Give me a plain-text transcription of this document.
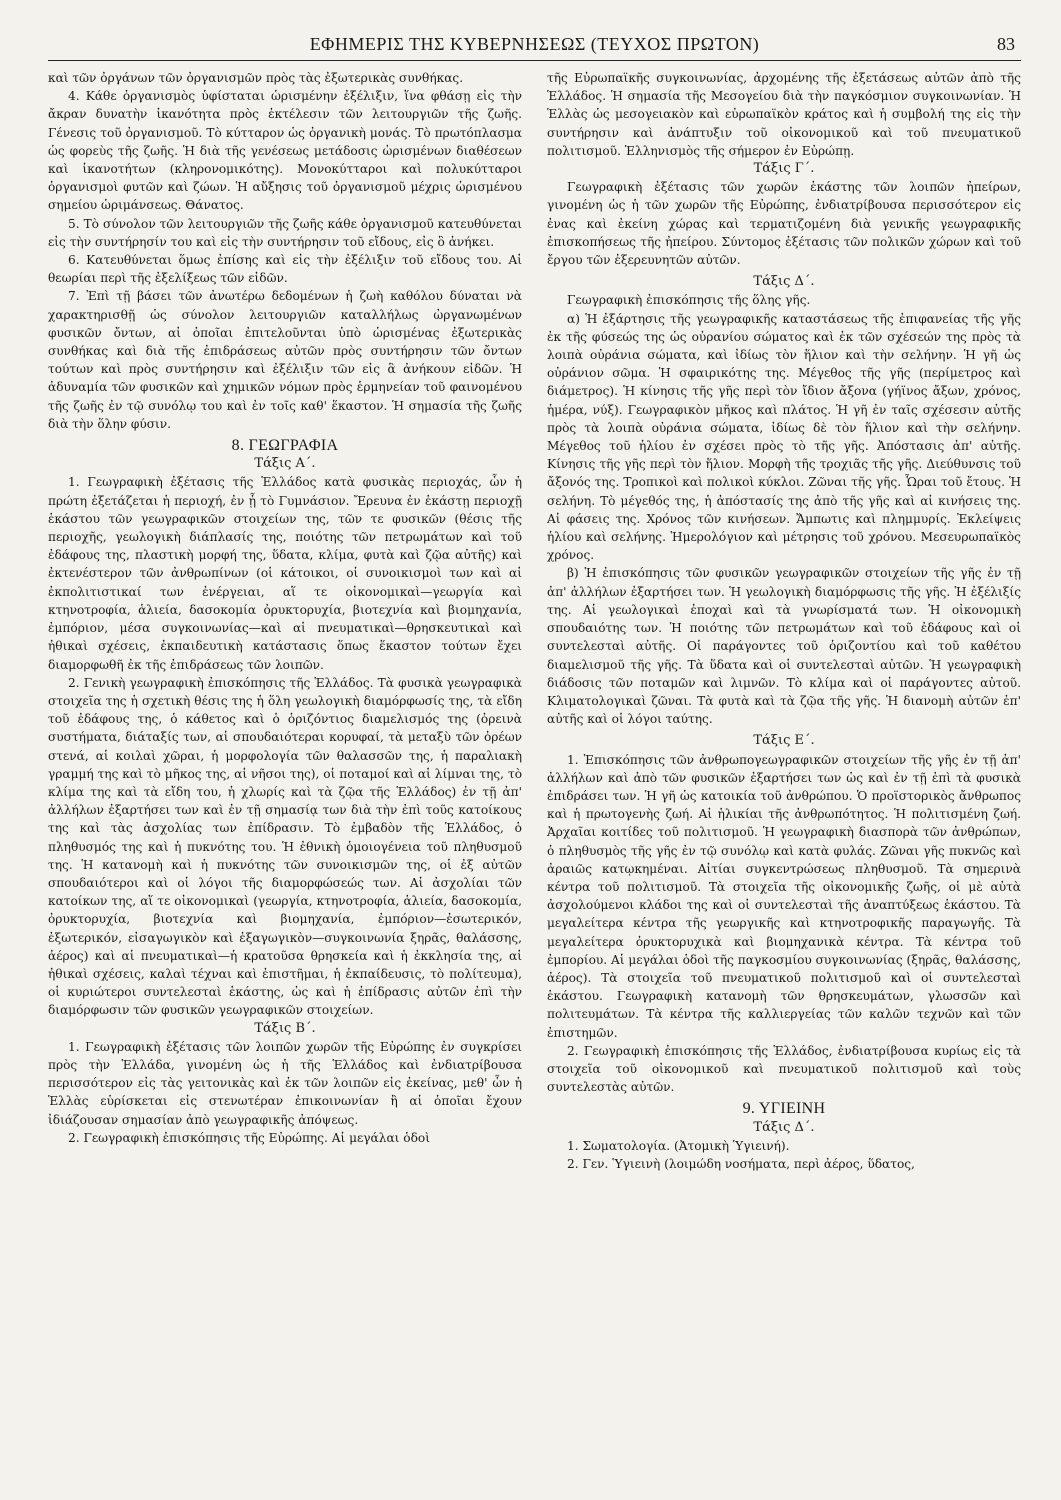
ΕΦΗΜΕΡΙΣ ΤΗΣ ΚΥΒΕΡΝΗΣΕΩΣ (ΤΕΥΧΟΣ ΠΡΩΤΟΝ)	83

καὶ τῶν ὀργάνων τῶν ὀργανισμῶν πρὸς τὰς ἐξωτερικὰς συνθήκας.

4. Κάθε ὀργανισμὸς ὑφίσταται ὡρισμένην ἐξέλιξιν, ἵνα φθάσῃ εἰς τὴν ἄκραν δυνατὴν ἱκανότητα πρὸς ἐκτέλεσιν τῶν λειτουργιῶν τῆς ζωῆς. Γένεσις τοῦ ὀργανισμοῦ. Τὸ κύτταρον ὡς ὀργανικὴ μονάς. Τὸ πρωτόπλασμα ὡς φορεὺς τῆς ζωῆς. Ἡ διὰ τῆς γενέσεως μετάδοσις ὡρισμένων διαθέσεων καὶ ἱκανοτήτων (κληρονομικότης). Μονοκύτταροι καὶ πολυκύτταροι ὀργανισμοὶ φυτῶν καὶ ζώων. Ἡ αὔξησις τοῦ ὀργανισμοῦ μέχρις ὡρισμένου σημείου ὡριμάνσεως. Θάνατος.

5. Τὸ σύνολον τῶν λειτουργιῶν τῆς ζωῆς κάθε ὀργανισμοῦ κατευθύνεται εἰς τὴν συντήρησίν του καὶ εἰς τὴν συντήρησιν τοῦ εἴδους, εἰς ὃ ἀνήκει.

6. Κατευθύνεται ὅμως ἐπίσης καὶ εἰς τὴν ἐξέλιξιν τοῦ εἴδους του. Αἱ θεωρίαι περὶ τῆς ἐξελίξεως τῶν εἰδῶν.

7. Ἐπὶ τῇ βάσει τῶν ἀνωτέρω δεδομένων ἡ ζωὴ καθόλου δύναται νὰ χαρακτηρισθῇ ὡς σύνολον λειτουργιῶν καταλλήλως ὠργανωμένων φυσικῶν ὄντων, αἱ ὁποῖαι ἐπιτελοῦνται ὑπὸ ὡρισμένας ἐξωτερικὰς συνθήκας καὶ διὰ τῆς ἐπιδράσεως αὐτῶν πρὸς συντήρησιν τῶν ὄντων τούτων καὶ πρὸς συντήρησιν καὶ ἐξέλιξιν τῶν εἰς ἃ ἀνήκουν εἰδῶν. Ἡ ἀδυναμία τῶν φυσικῶν καὶ χημικῶν νόμων πρὸς ἑρμηνείαν τοῦ φαινομένου τῆς ζωῆς ἐν τῷ συνόλῳ του καὶ ἐν τοῖς καθ' ἕκαστον. Ἡ σημασία τῆς ζωῆς διὰ τὴν ὅλην φύσιν.

8. ΓΕΩΓΡΑΦΙΑ
Τάξις Α΄.

1. Γεωγραφικὴ ἐξέτασις τῆς Ἑλλάδος κατὰ φυσικὰς περιοχάς, ὧν ἡ πρώτη ἐξετάζεται ἡ περιοχή, ἐν ᾗ τὸ Γυμνάσιον. Ἔρευνα ἐν ἑκάστῃ περιοχῇ ἑκάστου τῶν γεωγραφικῶν στοιχείων της, τῶν τε φυσικῶν (θέσις τῆς περιοχῆς, γεωλογικὴ διάπλασίς της, ποιότης τῶν πετρωμάτων καὶ τοῦ ἐδάφους της, πλαστικὴ μορφή της, ὕδατα, κλίμα, φυτὰ καὶ ζῷα αὐτῆς) καὶ ἐκτενέστερον τῶν ἀνθρωπίνων (οἱ κάτοικοι, οἱ συνοικισμοὶ των καὶ αἱ ἐκπολιτιστικαί των ἐνέργειαι, αἵ τε οἰκονομικαὶ—γεωργία καὶ κτηνοτροφία, ἁλιεία, δασοκομία ὀρυκτορυχία, βιοτεχνία καὶ βιομηχανία, ἐμπόριον, μέσα συγκοινωνίας—καὶ αἱ πνευματικαὶ—θρησκευτικαὶ καὶ ἠθικαὶ σχέσεις, ἐκπαιδευτικὴ κατάστασις ὅπως ἕκαστον τούτων ἔχει διαμορφωθῆ ἐκ τῆς ἐπιδράσεως τῶν λοιπῶν.

2. Γενικὴ γεωγραφικὴ ἐπισκόπησις τῆς Ἑλλάδος. Τὰ φυσικὰ γεωγραφικὰ στοιχεῖα της ἡ σχετικὴ θέσις της ἡ ὅλη γεωλογικὴ διαμόρφωσίς της, τὰ εἴδη τοῦ ἐδάφους της, ὁ κάθετος καὶ ὁ ὁριζόντιος διαμελισμός της (ὀρεινὰ συστήματα, διάταξίς των, αἱ σπουδαιότεραι κορυφαί, τὰ μεταξὺ τῶν ὀρέων στενά, αἱ κοιλαὶ χῶραι, ἡ μορφολογία τῶν θαλασσῶν της, ἡ παραλιακὴ γραμμή της καὶ τὸ μῆκος της, αἱ νῆσοι της), οἱ ποταμοί καὶ αἱ λίμναι της, τὸ κλίμα της καὶ τὰ εἴδη του, ἡ χλωρίς καὶ τὰ ζῷα τῆς Ἑλλάδος) ἐν τῇ ἀπ' ἀλλήλων ἐξαρτήσει των καὶ ἐν τῇ σημασίᾳ των διὰ τὴν ἐπὶ τοῦς κατοίκους της καὶ τὰς ἀσχολίας των ἐπίδρασιν. Τὸ ἐμβαδὸν τῆς Ἑλλάδος, ὁ πληθυσμός της καὶ ἡ πυκνότης του. Ἡ ἐθνικὴ ὁμοιογένεια τοῦ πληθυσμοῦ της. Ἡ κατανομὴ καὶ ἡ πυκνότης τῶν συνοικισμῶν της, οἱ ἐξ αὐτῶν σπουδαιότεροι καὶ οἱ λόγοι τῆς διαμορφώσεώς των. Αἱ ἀσχολίαι τῶν κατοίκων της, αἵ τε οἰκονομικαὶ (γεωργία, κτηνοτροφία, ἁλιεία, δασοκομία, ὀρυκτορυχία, βιοτεχνία καὶ βιομηχανία, ἐμπόριον—ἐσωτερικόν, ἐξωτερικόν, εἰσαγωγικὸν καὶ ἐξαγωγικὸν—συγκοινωνία ξηρᾶς, θαλάσσης, ἀέρος) καὶ αἱ πνευματικαὶ—ἡ κρατοῦσα θρησκεία καὶ ἡ ἐκκλησία της, αἱ ἠθικαὶ σχέσεις, καλαὶ τέχναι καὶ ἐπιστῆμαι, ἡ ἐκπαίδευσις, τὸ πολίτευμα), οἱ κυριώτεροι συντελεσταὶ ἑκάστης, ὡς καὶ ἡ ἐπίδρασις αὐτῶν ἐπὶ τὴν διαμόρφωσιν τῶν φυσικῶν γεωγραφικῶν στοιχείων.

Τάξις Β΄.

1. Γεωγραφικὴ ἐξέτασις τῶν λοιπῶν χωρῶν τῆς Εὐρώπης ἐν συγκρίσει πρὸς τὴν Ἑλλάδα, γινομένη ὡς ἡ τῆς Ἑλλάδος καὶ ἐνδιατρίβουσα περισσότερον εἰς τὰς γειτονικὰς καὶ ἐκ τῶν λοιπῶν εἰς ἐκείνας, μεθ' ὧν ἡ Ἑλλὰς εὑρίσκεται εἰς στενωτέραν ἐπικοινωνίαν ἢ αἱ ὁποῖαι ἔχουν ἰδιάζουσαν σημασίαν ἀπὸ γεωγραφικῆς ἀπόψεως.

2. Γεωγραφικὴ ἐπισκόπησις τῆς Εὐρώπης. Αἱ μεγάλαι ὁδοὶ

τῆς Εὐρωπαϊκῆς συγκοινωνίας, ἀρχομένης τῆς ἐξετάσεως αὐτῶν ἀπὸ τῆς Ἑλλάδος. Ἡ σημασία τῆς Μεσογείου διὰ τὴν παγκόσμιον συγκοινωνίαν. Ἡ Ἑλλὰς ὡς μεσογειακὸν καὶ εὐρωπαϊκὸν κράτος καὶ ἡ συμβολή της εἰς τὴν συντήρησιν καὶ ἀνάπτυξιν τοῦ οἰκονομικοῦ καὶ τοῦ πνευματικοῦ πολιτισμοῦ. Ἑλληνισμὸς τῆς σήμερον ἐν Εὐρώπῃ.

Τάξις Γ΄.

Γεωγραφικὴ ἐξέτασις τῶν χωρῶν ἑκάστης τῶν λοιπῶν ἠπείρων, γινομένη ὡς ἡ τῶν χωρῶν τῆς Εὐρώπης, ἐνδιατρίβουσα περισσότερον εἰς ἐνας καὶ ἐκείνη χώρας καὶ τερματιζομένη διὰ γενικῆς γεωγραφικῆς ἐπισκοπήσεως τῆς ἠπείρου. Σύντομος ἐξέτασις τῶν πολικῶν χώρων καὶ τοῦ ἔργου τῶν ἐξερευνητῶν αὐτῶν.

Τάξις Δ΄.

Γεωγραφικὴ ἐπισκόπησις τῆς ὅλης γῆς.

α) Ἡ ἐξάρτησις τῆς γεωγραφικῆς καταστάσεως τῆς ἐπιφανείας τῆς γῆς ἐκ τῆς φύσεώς της ὡς οὐρανίου σώματος καὶ ἐκ τῶν σχέσεών της πρὸς τὰ λοιπὰ οὐράνια σώματα, καὶ ἰδίως τὸν ἥλιον καὶ τὴν σελήνην. Ἡ γῆ ὡς οὐράνιον σῶμα. Ἡ σφαιρικότης της. Μέγεθος τῆς γῆς (περίμετρος καὶ διάμετρος). Ἡ κίνησις τῆς γῆς περὶ τὸν ἴδιον ἄξονα (γήϊνος ἄξων, χρόνος, ἡμέρα, νύξ). Γεωγραφικὸν μῆκος καὶ πλάτος. Ἡ γῆ ἐν ταῖς σχέσεσιν αὐτῆς πρὸς τὰ λοιπὰ οὐράνια σώματα, ἰδίως δὲ τὸν ἥλιον καὶ τὴν σελήνην. Μέγεθος τοῦ ἡλίου ἐν σχέσει πρὸς τὸ τῆς γῆς. Ἀπόστασις ἀπ' αὐτῆς. Κίνησις τῆς γῆς περὶ τὸν ἥλιον. Μορφὴ τῆς τροχιᾶς τῆς γῆς. Διεύθυνσις τοῦ ἄξονός της. Τροπικοὶ καὶ πολικοὶ κύκλοι. Ζῶναι τῆς γῆς. Ὧραι τοῦ ἔτους. Ἡ σελήνη. Τὸ μέγεθός της, ἡ ἀπόστασίς της ἀπὸ τῆς γῆς καὶ αἱ κινήσεις της. Αἱ φάσεις της. Χρόνος τῶν κινήσεων. Ἄμπωτις καὶ πλημμυρίς. Ἐκλείψεις ἡλίου καὶ σελήνης. Ἡμερολόγιον καὶ μέτρησις τοῦ χρόνου. Μεσευρωπαϊκὸς χρόνος.

β) Ἡ ἐπισκόπησις τῶν φυσικῶν γεωγραφικῶν στοιχείων τῆς γῆς ἐν τῇ ἀπ' ἀλλήλων ἐξαρτήσει των. Ἡ γεωλογικὴ διαμόρφωσις τῆς γῆς. Ἡ ἐξέλιξίς της. Αἱ γεωλογικαὶ ἐποχαὶ καὶ τὰ γνωρίσματά των. Ἡ οἰκονομικὴ σπουδαιότης των. Ἡ ποιότης τῶν πετρωμάτων καὶ τοῦ ἐδάφους καὶ οἱ συντελεσταὶ αὐτῆς. Οἱ παράγοντες τοῦ ὁριζοντίου καὶ τοῦ καθέτου διαμελισμοῦ τῆς γῆς. Τὰ ὕδατα καὶ οἱ συντελεσταὶ αὐτῶν. Ἡ γεωγραφικὴ διάδοσις τῶν ποταμῶν καὶ λιμνῶν. Τὸ κλίμα καὶ οἱ παράγοντες αὐτοῦ. Κλιματολογικαὶ ζῶναι. Τὰ φυτὰ καὶ τὰ ζῷα τῆς γῆς. Ἡ διανομὴ αὐτῶν ἐπ' αὐτῆς καὶ οἱ λόγοι ταύτης.

Τάξις Ε΄.

1. Ἐπισκόπησις τῶν ἀνθρωπογεωγραφικῶν στοιχείων τῆς γῆς ἐν τῇ ἀπ' ἀλλήλων καὶ ἀπὸ τῶν φυσικῶν ἐξαρτήσει των ὡς καὶ ἐν τῇ ἐπὶ τὰ φυσικὰ ἐπιδράσει των. Ἡ γῆ ὡς κατοικία τοῦ ἀνθρώπου. Ὁ προϊστορικὸς ἄνθρωπος καὶ ἡ πρωτογενὴς ζωή. Αἱ ἡλικίαι τῆς ἀνθρωπότητος. Ἡ πολιτισμένη ζωή. Ἀρχαῖαι κοιτίδες τοῦ πολιτισμοῦ. Ἡ γεωγραφικὴ διασπορὰ τῶν ἀνθρώπων, ὁ πληθυσμὸς τῆς γῆς ἐν τῷ συνόλῳ καὶ κατὰ φυλάς. Ζῶναι γῆς πυκνῶς καὶ ἀραιῶς κατῳκημέναι. Αἰτίαι συγκεντρώσεως πληθυσμοῦ. Τὰ σημερινὰ κέντρα τοῦ πολιτισμοῦ. Τὰ στοιχεῖα τῆς οἰκονομικῆς ζωῆς, οἱ μὲ αὐτὰ ἀσχολούμενοι κλάδοι της καὶ οἱ συντελεσταὶ τῆς ἀναπτύξεως ἑκάστου. Τὰ μεγαλείτερα κέντρα τῆς γεωργικῆς καὶ κτηνοτροφικῆς παραγωγῆς. Τὰ μεγαλείτερα ὀρυκτορυχικὰ καὶ βιομηχανικὰ κέντρα. Τὰ κέντρα τοῦ ἐμπορίου. Αἱ μεγάλαι ὁδοὶ τῆς παγκοσμίου συγκοινωνίας (ξηρᾶς, θαλάσσης, ἀέρος). Τὰ στοιχεῖα τοῦ πνευματικοῦ πολιτισμοῦ καὶ οἱ συντελεσταὶ ἑκάστου. Γεωγραφικὴ κατανομὴ τῶν θρησκευμάτων, γλωσσῶν καὶ πολιτευμάτων. Τὰ κέντρα τῆς καλλιεργείας τῶν καλῶν τεχνῶν καὶ τῶν ἐπιστημῶν.

2. Γεωγραφικὴ ἐπισκόπησις τῆς Ἑλλάδος, ἐνδιατρίβουσα κυρίως εἰς τὰ στοιχεῖα τοῦ οἰκονομικοῦ καὶ πνευματικοῦ πολιτισμοῦ καὶ τοὺς συντελεστὰς αὐτῶν.

9. ΥΓΙΕΙΝΗ
Τάξις Δ΄.

1. Σωματολογία. (Ἀτομικὴ Ὑγιεινή).

2. Γεν. Ὑγιεινὴ (λοιμώδη νοσήματα, περὶ ἀέρος, ὕδατος,
